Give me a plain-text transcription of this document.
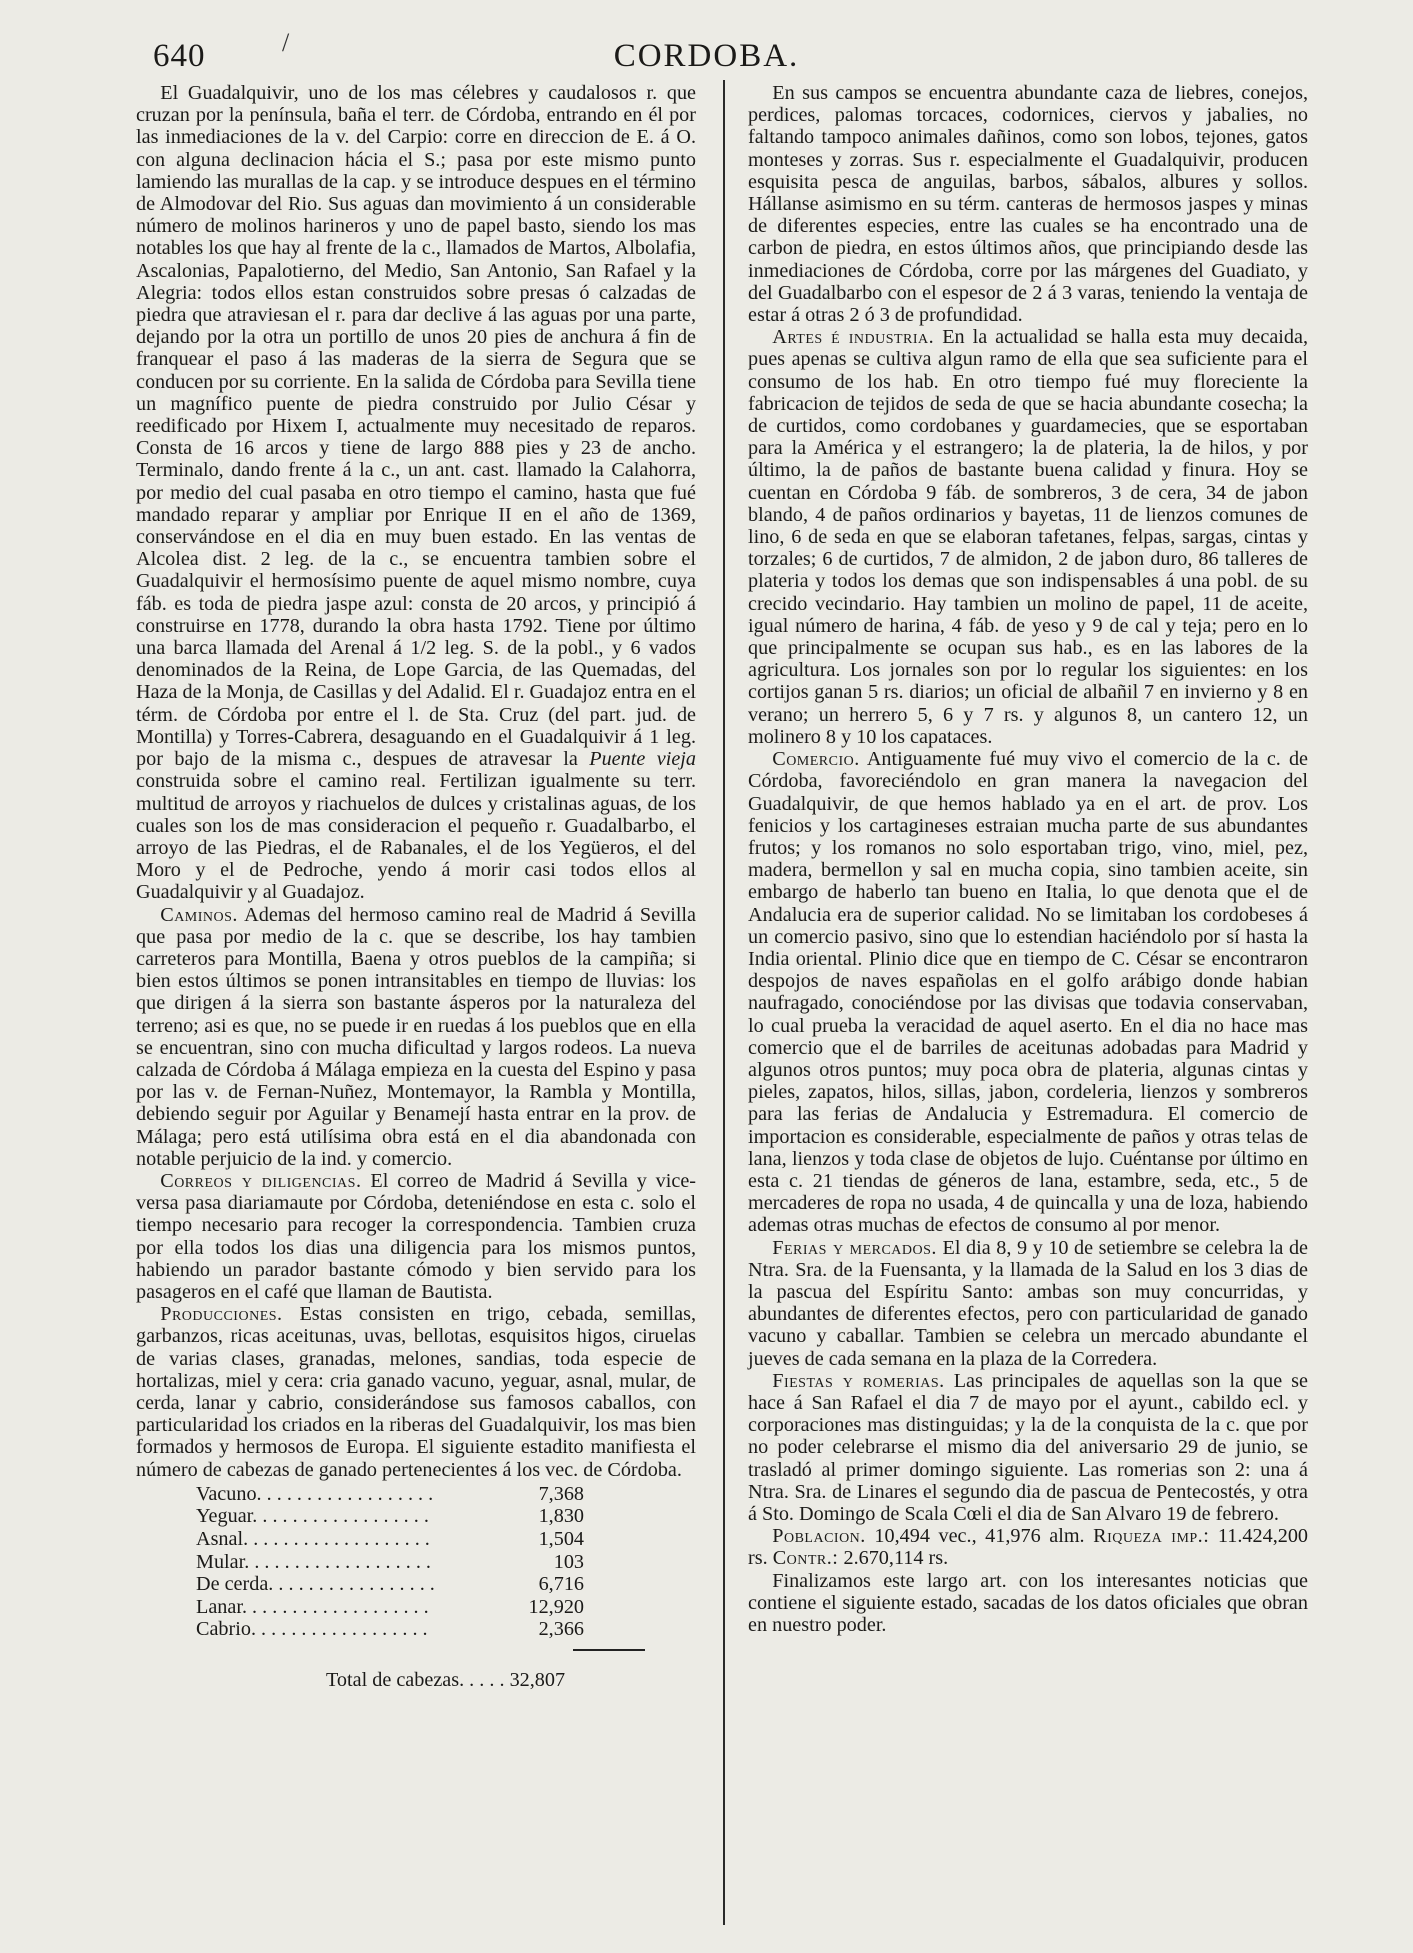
/
640	CORDOBA.

El Guadalquivir, uno de los mas célebres y caudalosos r. que cruzan por la península, baña el terr. de Córdoba, entrando en él por las inmediaciones de la v. del Carpio: corre en direccion de E. á O. con alguna declinacion hácia el S.; pasa por este mismo punto lamiendo las murallas de la cap. y se introduce despues en el término de Almodovar del Rio. Sus aguas dan movimiento á un considerable número de molinos harineros y uno de papel basto, siendo los mas notables los que hay al frente de la c., llamados de Martos, Albolafia, Ascalonias, Papalotierno, del Medio, San Antonio, San Rafael y la Alegria: todos ellos estan construidos sobre presas ó calzadas de piedra que atraviesan el r. para dar declive á las aguas por una parte, dejando por la otra un portillo de unos 20 pies de anchura á fin de franquear el paso á las maderas de la sierra de Segura que se conducen por su corriente. En la salida de Córdoba para Sevilla tiene un magnífico puente de piedra construido por Julio César y reedificado por Hixem I, actualmente muy necesitado de reparos. Consta de 16 arcos y tiene de largo 888 pies y 23 de ancho. Terminalo, dando frente á la c., un ant. cast. llamado la Calahorra, por medio del cual pasaba en otro tiempo el camino, hasta que fué mandado reparar y ampliar por Enrique II en el año de 1369, conservándose en el dia en muy buen estado. En las ventas de Alcolea dist. 2 leg. de la c., se encuentra tambien sobre el Guadalquivir el hermosísimo puente de aquel mismo nombre, cuya fáb. es toda de piedra jaspe azul: consta de 20 arcos, y principió á construirse en 1778, durando la obra hasta 1792. Tiene por último una barca llamada del Arenal á 1/2 leg. S. de la pobl., y 6 vados denominados de la Reina, de Lope Garcia, de las Quemadas, del Haza de la Monja, de Casillas y del Adalid. El r. Guadajoz entra en el térm. de Córdoba por entre el l. de Sta. Cruz (del part. jud. de Montilla) y Torres-Cabrera, desaguando en el Guadalquivir á 1 leg. por bajo de la misma c., despues de atravesar la Puente vieja construida sobre el camino real. Fertilizan igualmente su terr. multitud de arroyos y riachuelos de dulces y cristalinas aguas, de los cuales son los de mas consideracion el pequeño r. Guadalbarbo, el arroyo de las Piedras, el de Rabanales, el de los Yegüeros, el del Moro y el de Pedroche, yendo á morir casi todos ellos al Guadalquivir y al Guadajoz.

Caminos. Ademas del hermoso camino real de Madrid á Sevilla que pasa por medio de la c. que se describe, los hay tambien carreteros para Montilla, Baena y otros pueblos de la campiña; si bien estos últimos se ponen intransitables en tiempo de lluvias: los que dirigen á la sierra son bastante ásperos por la naturaleza del terreno; asi es que, no se puede ir en ruedas á los pueblos que en ella se encuentran, sino con mucha dificultad y largos rodeos. La nueva calzada de Córdoba á Málaga empieza en la cuesta del Espino y pasa por las v. de Fernan-Nuñez, Montemayor, la Rambla y Montilla, debiendo seguir por Aguilar y Benamejí hasta entrar en la prov. de Málaga; pero está utilísima obra está en el dia abandonada con notable perjuicio de la ind. y comercio.

Correos y diligencias. El correo de Madrid á Sevilla y vice-versa pasa diariamaute por Córdoba, deteniéndose en esta c. solo el tiempo necesario para recoger la correspondencia. Tambien cruza por ella todos los dias una diligencia para los mismos puntos, habiendo un parador bastante cómodo y bien servido para los pasageros en el café que llaman de Bautista.

Producciones. Estas consisten en trigo, cebada, semillas, garbanzos, ricas aceitunas, uvas, bellotas, esquisitos higos, ciruelas de varias clases, granadas, melones, sandias, toda especie de hortalizas, miel y cera: cria ganado vacuno, yeguar, asnal, mular, de cerda, lanar y cabrio, considerándose sus famosos caballos, con particularidad los criados en la riberas del Guadalquivir, los mas bien formados y hermosos de Europa. El siguiente estadito manifiesta el número de cabezas de ganado pertenecientes á los vec. de Córdoba.

Vacuno. . . . . . . . . . . . . . . . . .	7,368
Yeguar. . . . . . . . . . . . . . . . . .	1,830
Asnal. . . . . . . . . . . . . . . . . . .	1,504
Mular. . . . . . . . . . . . . . . . . . .	103
De cerda. . . . . . . . . . . . . . . . .	6,716
Lanar. . . . . . . . . . . . . . . . . . .	12,920
Cabrio. . . . . . . . . . . . . . . . . .	2,366
Total de cabezas. . . . . 32,807

En sus campos se encuentra abundante caza de liebres, conejos, perdices, palomas torcaces, codornices, ciervos y jabalies, no faltando tampoco animales dañinos, como son lobos, tejones, gatos monteses y zorras. Sus r. especialmente el Guadalquivir, producen esquisita pesca de anguilas, barbos, sábalos, albures y sollos. Hállanse asimismo en su térm. canteras de hermosos jaspes y minas de diferentes especies, entre las cuales se ha encontrado una de carbon de piedra, en estos últimos años, que principiando desde las inmediaciones de Córdoba, corre por las márgenes del Guadiato, y del Guadalbarbo con el espesor de 2 á 3 varas, teniendo la ventaja de estar á otras 2 ó 3 de profundidad.

Artes é industria. En la actualidad se halla esta muy decaida, pues apenas se cultiva algun ramo de ella que sea suficiente para el consumo de los hab. En otro tiempo fué muy floreciente la fabricacion de tejidos de seda de que se hacia abundante cosecha; la de curtidos, como cordobanes y guardamecies, que se esportaban para la América y el estrangero; la de plateria, la de hilos, y por último, la de paños de bastante buena calidad y finura. Hoy se cuentan en Córdoba 9 fáb. de sombreros, 3 de cera, 34 de jabon blando, 4 de paños ordinarios y bayetas, 11 de lienzos comunes de lino, 6 de seda en que se elaboran tafetanes, felpas, sargas, cintas y torzales; 6 de curtidos, 7 de almidon, 2 de jabon duro, 86 talleres de plateria y todos los demas que son indispensables á una pobl. de su crecido vecindario. Hay tambien un molino de papel, 11 de aceite, igual número de harina, 4 fáb. de yeso y 9 de cal y teja; pero en lo que principalmente se ocupan sus hab., es en las labores de la agricultura. Los jornales son por lo regular los siguientes: en los cortijos ganan 5 rs. diarios; un oficial de albañil 7 en invierno y 8 en verano; un herrero 5, 6 y 7 rs. y algunos 8, un cantero 12, un molinero 8 y 10 los capataces.

Comercio. Antiguamente fué muy vivo el comercio de la c. de Córdoba, favoreciéndolo en gran manera la navegacion del Guadalquivir, de que hemos hablado ya en el art. de prov. Los fenicios y los cartagineses estraian mucha parte de sus abundantes frutos; y los romanos no solo esportaban trigo, vino, miel, pez, madera, bermellon y sal en mucha copia, sino tambien aceite, sin embargo de haberlo tan bueno en Italia, lo que denota que el de Andalucia era de superior calidad. No se limitaban los cordobeses á un comercio pasivo, sino que lo estendian haciéndolo por sí hasta la India oriental. Plinio dice que en tiempo de C. César se encontraron despojos de naves españolas en el golfo arábigo donde habian naufragado, conociéndose por las divisas que todavia conservaban, lo cual prueba la veracidad de aquel aserto. En el dia no hace mas comercio que el de barriles de aceitunas adobadas para Madrid y algunos otros puntos; muy poca obra de plateria, algunas cintas y pieles, zapatos, hilos, sillas, jabon, cordeleria, lienzos y sombreros para las ferias de Andalucia y Estremadura. El comercio de importacion es considerable, especialmente de paños y otras telas de lana, lienzos y toda clase de objetos de lujo. Cuéntanse por último en esta c. 21 tiendas de géneros de lana, estambre, seda, etc., 5 de mercaderes de ropa no usada, 4 de quincalla y una de loza, habiendo ademas otras muchas de efectos de consumo al por menor.

Ferias y mercados. El dia 8, 9 y 10 de setiembre se celebra la de Ntra. Sra. de la Fuensanta, y la llamada de la Salud en los 3 dias de la pascua del Espíritu Santo: ambas son muy concurridas, y abundantes de diferentes efectos, pero con particularidad de ganado vacuno y caballar. Tambien se celebra un mercado abundante el jueves de cada semana en la plaza de la Corredera.

Fiestas y romerias. Las principales de aquellas son la que se hace á San Rafael el dia 7 de mayo por el ayunt., cabildo ecl. y corporaciones mas distinguidas; y la de la conquista de la c. que por no poder celebrarse el mismo dia del aniversario 29 de junio, se trasladó al primer domingo siguiente. Las romerias son 2: una á Ntra. Sra. de Linares el segundo dia de pascua de Pentecostés, y otra á Sto. Domingo de Scala Cœli el dia de San Alvaro 19 de febrero.

Poblacion. 10,494 vec., 41,976 alm. Riqueza imp.: 11.424,200 rs. Contr.: 2.670,114 rs.

Finalizamos este largo art. con los interesantes noticias que contiene el siguiente estado, sacadas de los datos oficiales que obran en nuestro poder.
